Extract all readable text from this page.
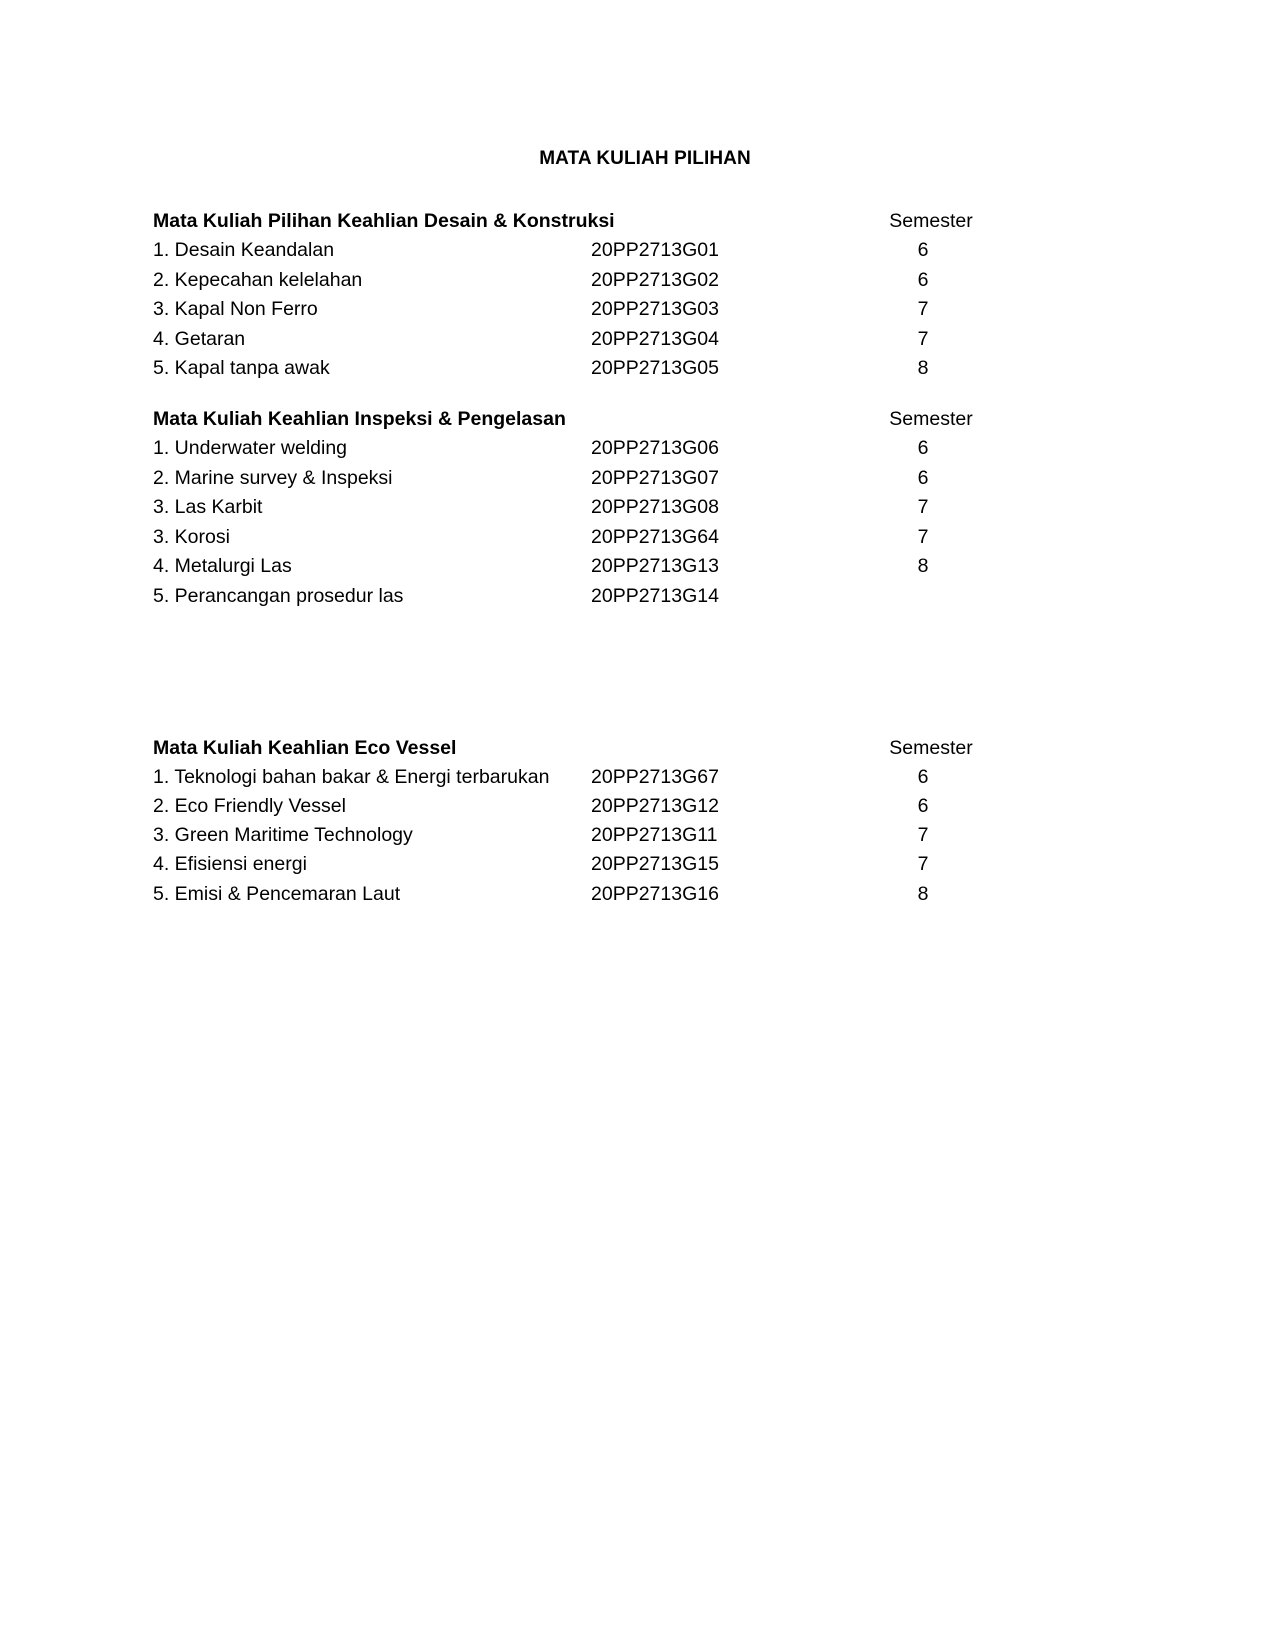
MATA KULIAH PILIHAN
Mata Kuliah Pilihan Keahlian Desain & Konstruksi	Semester
1. Desain Keandalan	20PP2713G01	6
2. Kepecahan kelelahan	20PP2713G02	6
3. Kapal Non Ferro	20PP2713G03	7
4. Getaran	20PP2713G04	7
5. Kapal tanpa awak	20PP2713G05	8
Mata Kuliah Keahlian Inspeksi & Pengelasan	Semester
1. Underwater welding	20PP2713G06	6
2. Marine survey & Inspeksi	20PP2713G07	6
3. Las Karbit	20PP2713G08	7
3. Korosi	20PP2713G64	7
4. Metalurgi Las	20PP2713G13	8
5. Perancangan prosedur las	20PP2713G14
Mata Kuliah Keahlian Eco Vessel	Semester
1. Teknologi bahan bakar & Energi terbarukan	20PP2713G67	6
2. Eco Friendly Vessel	20PP2713G12	6
3. Green Maritime Technology	20PP2713G11	7
4. Efisiensi energi	20PP2713G15	7
5. Emisi & Pencemaran Laut	20PP2713G16	8
